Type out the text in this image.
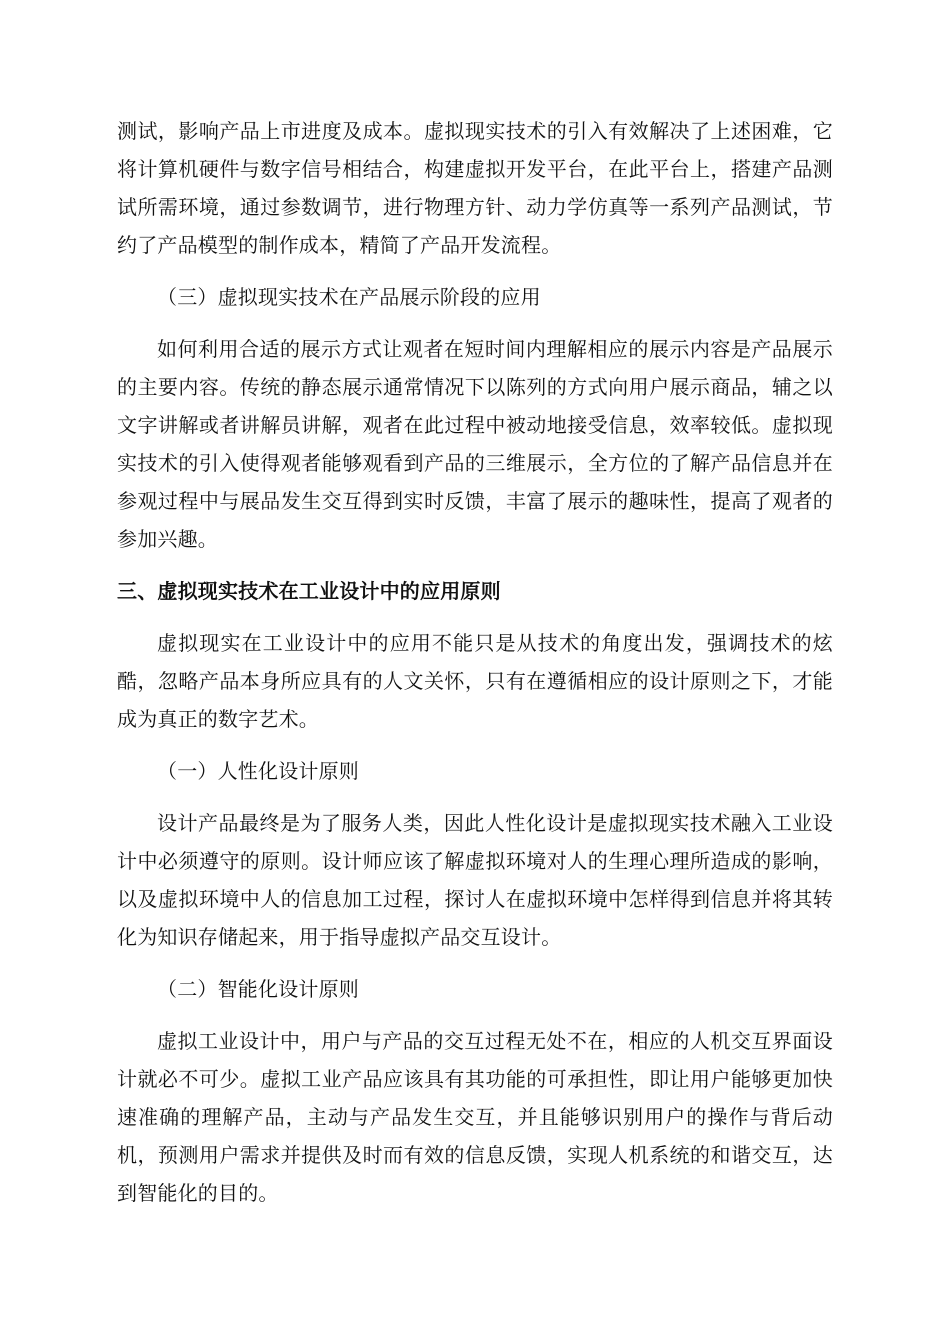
测试，影响产品上市进度及成本。虚拟现实技术的引入有效解决了上述困难，它将计算机硬件与数字信号相结合，构建虚拟开发平台，在此平台上，搭建产品测试所需环境，通过参数调节，进行物理方针、动力学仿真等一系列产品测试，节约了产品模型的制作成本，精简了产品开发流程。

（三）虚拟现实技术在产品展示阶段的应用

如何利用合适的展示方式让观者在短时间内理解相应的展示内容是产品展示的主要内容。传统的静态展示通常情况下以陈列的方式向用户展示商品，辅之以文字讲解或者讲解员讲解，观者在此过程中被动地接受信息，效率较低。虚拟现实技术的引入使得观者能够观看到产品的三维展示，全方位的了解产品信息并在参观过程中与展品发生交互得到实时反馈，丰富了展示的趣味性，提高了观者的参加兴趣。

三、虚拟现实技术在工业设计中的应用原则

虚拟现实在工业设计中的应用不能只是从技术的角度出发，强调技术的炫酷，忽略产品本身所应具有的人文关怀，只有在遵循相应的设计原则之下，才能成为真正的数字艺术。

（一）人性化设计原则

设计产品最终是为了服务人类，因此人性化设计是虚拟现实技术融入工业设计中必须遵守的原则。设计师应该了解虚拟环境对人的生理心理所造成的影响，以及虚拟环境中人的信息加工过程，探讨人在虚拟环境中怎样得到信息并将其转化为知识存储起来，用于指导虚拟产品交互设计。

（二）智能化设计原则

虚拟工业设计中，用户与产品的交互过程无处不在，相应的人机交互界面设计就必不可少。虚拟工业产品应该具有其功能的可承担性，即让用户能够更加快速准确的理解产品，主动与产品发生交互，并且能够识别用户的操作与背后动机，预测用户需求并提供及时而有效的信息反馈，实现人机系统的和谐交互，达到智能化的目的。
